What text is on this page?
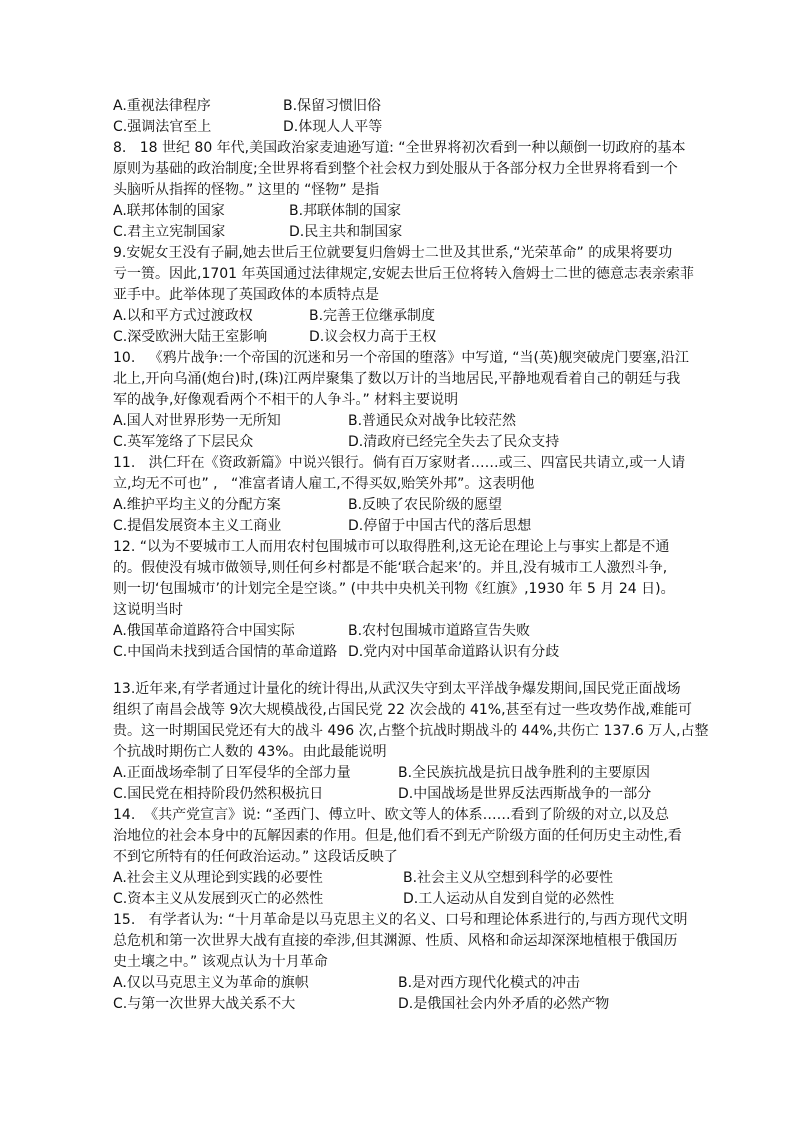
A.重视法律程序	B.保留习惯旧俗
C.强调法官至上	D.体现人人平等
8.   18 世纪 80 年代,美国政治家麦迪逊写道: “全世界将初次看到一种以颠倒一切政府的基本
原则为基础的政治制度;全世界将看到整个社会权力到处服从于各部分权力全世界将看到一个
头脑听从指挥的怪物。” 这里的 “怪物” 是指
A.联邦体制的国家	B.邦联体制的国家
C.君主立宪制国家	D.民主共和制国家
9.安妮女王没有子嗣,她去世后王位就要复归詹姆士二世及其世系,“光荣革命” 的成果将要功
亏一篑。因此,1701 年英国通过法律规定,安妮去世后王位将转入詹姆士二世的德意志表亲索菲
亚手中。此举体现了英国政体的本质特点是
A.以和平方式过渡政权	B.完善王位继承制度
C.深受欧洲大陆王室影响	D.议会权力高于王权
10.   《鸦片战争:一个帝国的沉迷和另一个帝国的堕落》中写道, “当(英)舰突破虎门要塞,沿江
北上,开向乌涌(炮台)时,(珠)江两岸聚集了数以万计的当地居民,平静地观看着自己的朝廷与我
军的战争,好像观看两个不相干的人争斗。” 材料主要说明
A.国人对世界形势一无所知	B.普通民众对战争比较茫然
C.英军笼络了下层民众	D.清政府已经完全失去了民众支持
11.   洪仁玕在《资政新篇》中说兴银行。倘有百万家财者……或三、四富民共请立,或一人请
立,均无不可也” ,   “准富者请人雇工,不得买奴,贻笑外邦”。这表明他
A.维护平均主义的分配方案	B.反映了农民阶级的愿望
C.提倡发展资本主义工商业	D.停留于中国古代的落后思想
12. “以为不要城市工人而用农村包围城市可以取得胜利,这无论在理论上与事实上都是不通
的。假使没有城市做领导,则任何乡村都是不能‘联合起来’的。并且,没有城市工人激烈斗争,
则一切‘包围城市’的计划完全是空谈。” (中共中央机关刊物《红旗》,1930 年 5 月 24 日)。
这说明当时
A.俄国革命道路符合中国实际	B.农村包围城市道路宣告失败
C.中国尚未找到适合国情的革命道路 D.党内对中国革命道路认识有分歧
13.近年来,有学者通过计量化的统计得出,从武汉失守到太平洋战争爆发期间,国民党正面战场
组织了南昌会战等 9次大规模战役,占国民党 22 次会战的 41%,甚至有过一些攻势作战,难能可
贵。这一时期国民党还有大的战斗 496 次,占整个抗战时期战斗的 44%,共伤亡 137.6 万人,占整
个抗战时期伤亡人数的 43%。由此最能说明
A.正面战场牵制了日军侵华的全部力量	B.全民族抗战是抗日战争胜利的主要原因
C.国民党在相持阶段仍然积极抗日	D.中国战场是世界反法西斯战争的一部分
14.  《共产党宣言》说: “圣西门、傅立叶、欧文等人的体系……看到了阶级的对立,以及总
治地位的社会本身中的瓦解因素的作用。但是,他们看不到无产阶级方面的任何历史主动性,看
不到它所特有的任何政治运动。” 这段话反映了
A.社会主义从理论到实践的必要性	B.社会主义从空想到科学的必要性
C.资本主义从发展到灭亡的必然性	D.工人运动从自发到自觉的必然性
15.   有学者认为: “十月革命是以马克思主义的名义、口号和理论体系进行的,与西方现代文明
总危机和第一次世界大战有直接的牵涉,但其渊源、性质、风格和命运却深深地植根于俄国历
史土壤之中。” 该观点认为十月革命
A.仅以马克思主义为革命的旗帜	B.是对西方现代化模式的冲击
C.与第一次世界大战关系不大	D.是俄国社会内外矛盾的必然产物
